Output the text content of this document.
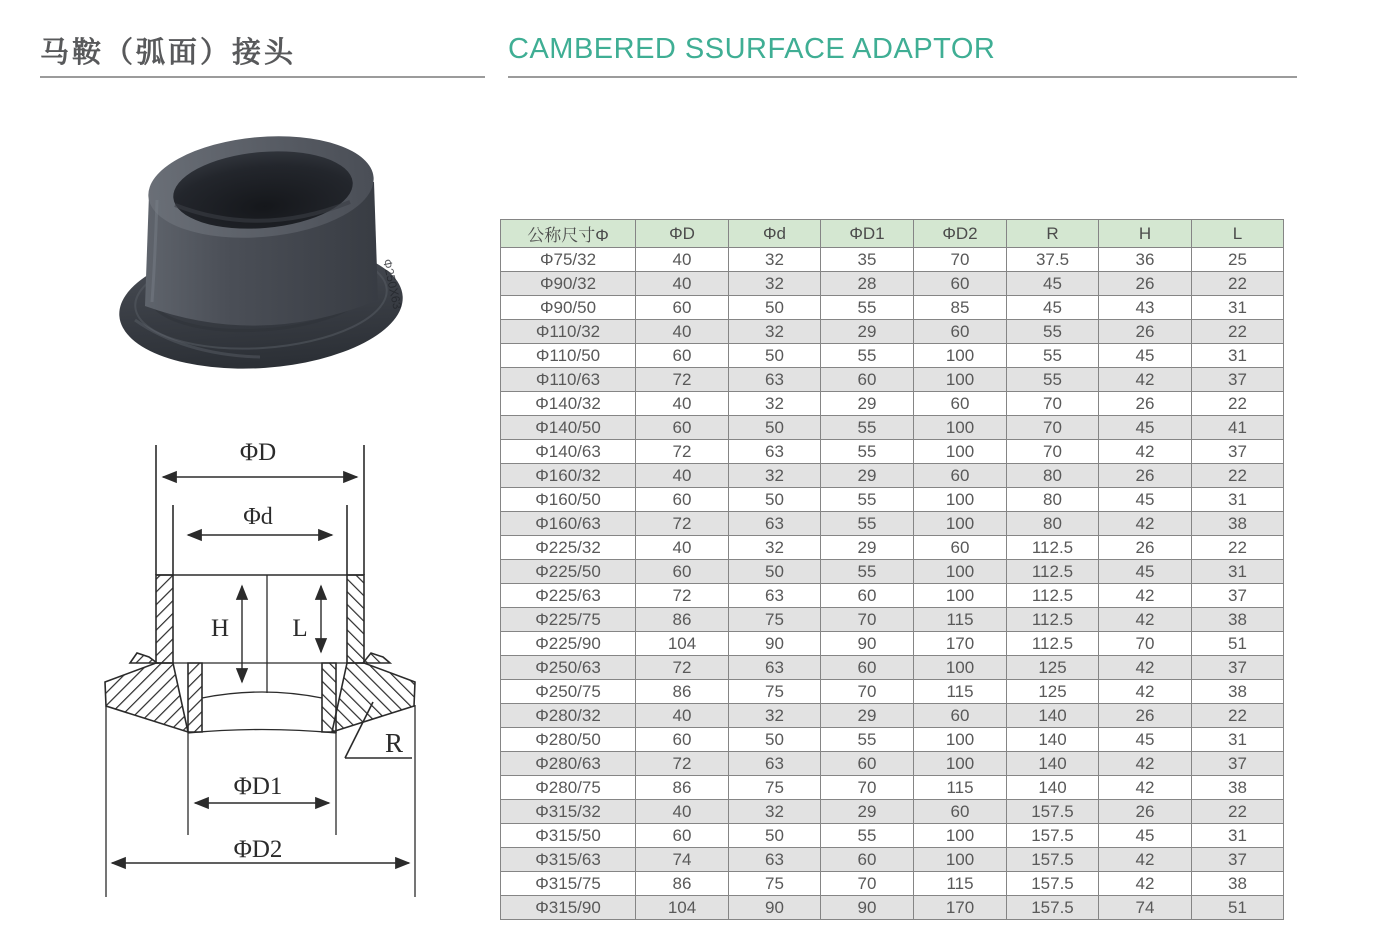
马鞍（弧面）接头	CAMBERED SSURFACE ADAPTOR
Φ250X63
ΦD
Φd
H	L
ΦD1
ΦD2
R
公称尺寸Φ	ΦD	Φd	ΦD1	ΦD2	R	H	L
Φ75/32	40	32	35	70	37.5	36	25
Φ90/32	40	32	28	60	45	26	22
Φ90/50	60	50	55	85	45	43	31
Φ110/32	40	32	29	60	55	26	22
Φ110/50	60	50	55	100	55	45	31
Φ110/63	72	63	60	100	55	42	37
Φ140/32	40	32	29	60	70	26	22
Φ140/50	60	50	55	100	70	45	41
Φ140/63	72	63	55	100	70	42	37
Φ160/32	40	32	29	60	80	26	22
Φ160/50	60	50	55	100	80	45	31
Φ160/63	72	63	55	100	80	42	38
Φ225/32	40	32	29	60	112.5	26	22
Φ225/50	60	50	55	100	112.5	45	31
Φ225/63	72	63	60	100	112.5	42	37
Φ225/75	86	75	70	115	112.5	42	38
Φ225/90	104	90	90	170	112.5	70	51
Φ250/63	72	63	60	100	125	42	37
Φ250/75	86	75	70	115	125	42	38
Φ280/32	40	32	29	60	140	26	22
Φ280/50	60	50	55	100	140	45	31
Φ280/63	72	63	60	100	140	42	37
Φ280/75	86	75	70	115	140	42	38
Φ315/32	40	32	29	60	157.5	26	22
Φ315/50	60	50	55	100	157.5	45	31
Φ315/63	74	63	60	100	157.5	42	37
Φ315/75	86	75	70	115	157.5	42	38
Φ315/90	104	90	90	170	157.5	74	51
